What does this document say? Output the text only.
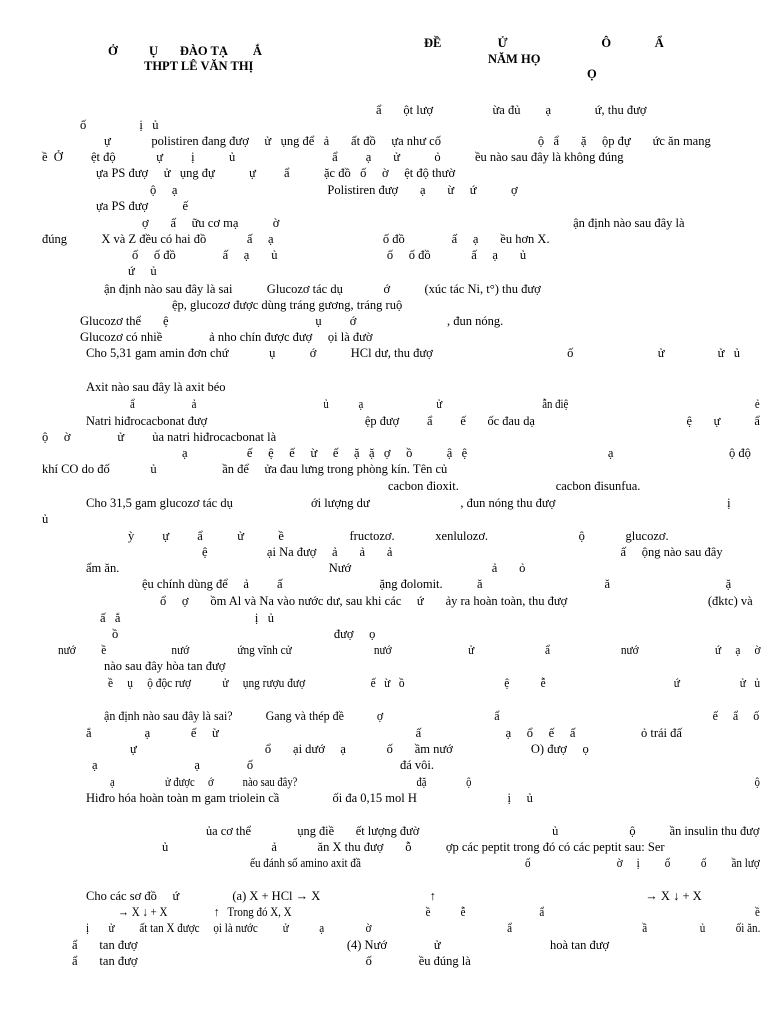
Ở          Ụ       ĐÀO TẠ        Ắ
THPT LÊ VĂN THỊ
ĐỀ                  Ử                              Ô              Ẩ
NĂM HỌ
Ọ
ẩ       ột lượ                   ừa đủ        ạ              ứ, thu đượ
ố                 ị   ủ
ự             polistiren đang đượ     ử   ụng để   ả       ất đồ     ựa như cố                               ộ   ẩ       ặ     ộp đự       ức ăn mang
ề  Ở         ệt độ             ự         ị           ủ                               ẩ         ạ       ử           ỏ           ều nào sau đây là không đúng
ựa PS đượ     ử   ụng đự           ự         ẩ           ặc đồ   ố     ờ     ệt độ thườ
ộ     ạ                                                Polistiren đượ       ạ       ừ     ứ           ợ
ựa PS đượ           ế
ợ       ấ     ữu cơ mạ           ờ                                                                                              ận định nào sau đây là
đúng           X và Z đều có hai đồ             ấ     ạ                                   ố đồ               ấ     ạ       ều hơn X.
ố     ố đồ               ấ     ạ       ủ                                   ố     ố đồ             ấ     ạ       ủ
ứ     ủ
ận định nào sau đây là sai           Glucozơ tác dụ             ớ           (xúc tác Ni, t°) thu đượ
ệp, glucozơ được dùng tráng gương, tráng ruộ
Glucozơ thể       ệ                                               ụ         ớ                             , đun nóng.
Glucozơ có nhiề               ả nho chín được đượ     ọi là đườ
Cho 5,31 gam amin đơn chứ             ụ           ớ           HCl dư, thu đượ                                           ố                           ử                 ử   ủ
Axit nào sau đây là axit béo
ẩ                     ả                                               ủ           ạ                           ử                                     ẫn điệ                                                                     ẻ
Natri hiđrocacbonat đượ                                                   ệp đượ         ẩ         ế       ốc đau dạ                                                 ệ       ự           ẩ
ộ     ờ               ử         ủa natri hiđrocacbonat là
ạ                   ế     ệ     ế     ừ     ế     ặ   ặ   ợ     ồ           ậ   ệ                                             ạ                                     ộ độ
khí CO do đố             ủ                     ần để     ửa đau lưng trong phòng kín. Tên củ
cacbon đioxit.                               cacbon đisunfua.
Cho 31,5 gam glucozơ tác dụ                         ới lượng dư                             , đun nóng thu đượ                                                       ị
ủ
ỳ         ự         ẩ           ử           ề                     fructozơ.             xenlulozơ.                             ộ             glucozơ.
ệ                   ại Na đượ     ả       ả       ả                                                                         ấ     ộng nào sau đây
ẩm ăn.                                                                   Nướ                                             ả       ỏ
ệu chính dùng để     ả         ấ                               ặng đolomit.           ă                                       ă                                     ặ
ổ     ợ       ồm Al và Na vào nước dư, sau khi các     ứ       ảy ra hoàn toàn, thu đượ                                             (đktc) và
ấ   ắ                                           ị   ủ
ồ                                                                     đượ     ọ
nướ         ề                       nướ                 ứng vĩnh cử                             nướ                           ử                         ẩ                         nướ                           ứ     ạ     ờ
nào sau đây hòa tan đượ
ề     ụ     ộ độc rượ           ử     ụng rượu đượ                       ế   ừ   ồ                                   ệ           ễ                                             ứ                     ử   ủ
ận định nào sau đây là sai?           Gang và thép đề           ợ                                     ẩ                                                                       ế     ẩ     ố
ắ                 ạ             ế     ừ                                                               ấ                           ạ     ổ     ế     ấ                     ỏ trái đấ
ự                                         ổ       ại dướ     ạ             ố       ầm nướ                         O) đượ     ọ
ạ                               ạ               ố                                               đá vôi.
ạ                   ử được     ớ           nào sau đây?                                             đặ               ộ                                                                                                           ộ
Hiđro hóa hoàn toàn m gam triolein cầ                 ối đa 0,15 mol H                             ị     ủ
ủa cơ thể               ụng điề       ết lượng đườ                                           ủ                       ộ           ần insulin thu đượ
ủ                                 ả             ăn X thu đượ       ỗ           ợp các peptit trong đó có các peptit sau: Ser
ếu đánh số amino axit đầ                                                           ố                               ờ     ị         ố           ố         ần lượ
Cho các sơ đồ     ứ                 (a) X + HCl → X                                   ↑                                                                   → X ↓ + X
→ X ↓ + X                 ↑   Trong đó X, X                                                 ề           ễ                           ẩ                                                                             ề
ị       ử         ất tan X được     ọi là nước         ử           ạ               ờ                                                 ẩ                                               ầ                   ủ           ối ăn.
ẩ       tan đượ                                                                   (4) Nướ               ử                                   hoà tan đượ
ẩ       tan đượ                                                                         ố               ều đúng là
